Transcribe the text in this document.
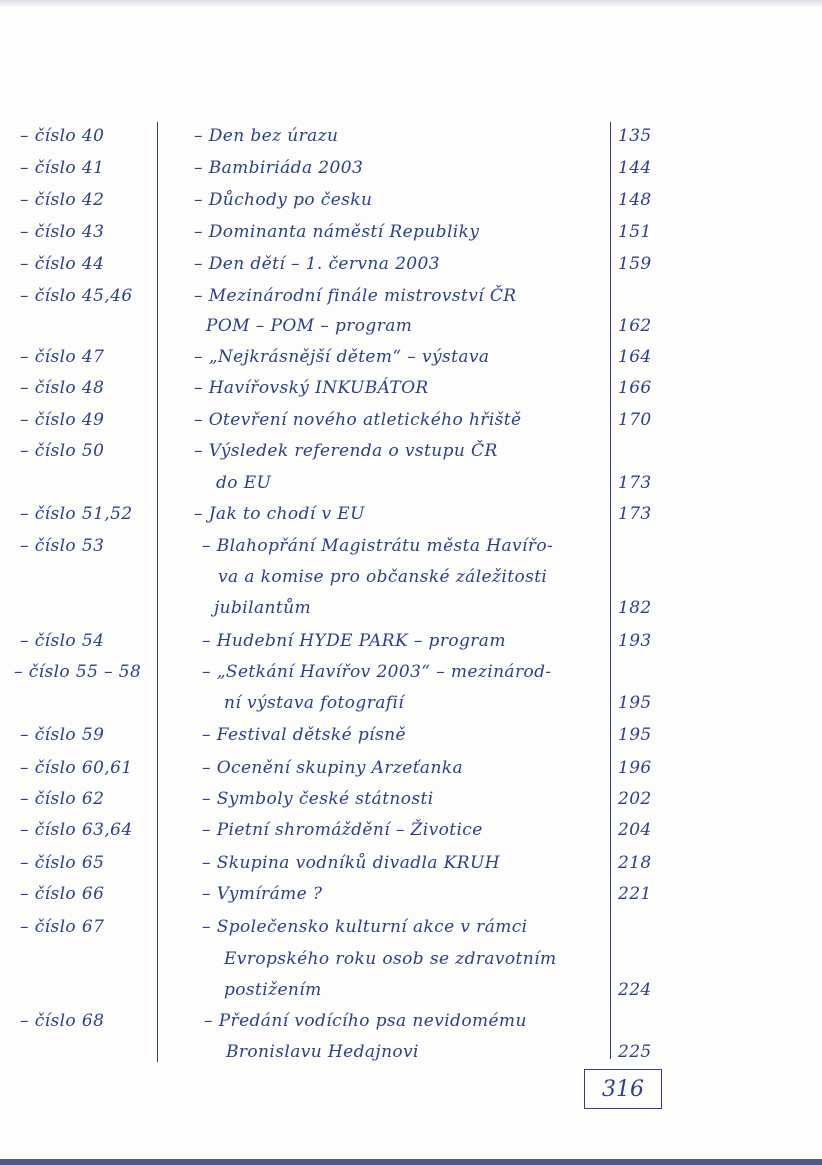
– číslo 40	– Den bez úrazu	135
– číslo 41	– Bambiriáda 2003	144
– číslo 42	– Důchody po česku	148
– číslo 43	– Dominanta náměstí Republiky	151
– číslo 44	– Den dětí – 1. června 2003	159
– číslo 45,46	– Mezinárodní finále mistrovství ČR
POM – POM – program	162
– číslo 47	– „Nejkrásnější dětem“ – výstava	164
– číslo 48	– Havířovský INKUBÁTOR	166
– číslo 49	– Otevření nového atletického hřiště	170
– číslo 50	– Výsledek referenda o vstupu ČR
do EU	173
– číslo 51,52	– Jak to chodí v EU	173
– číslo 53	– Blahopřání Magistrátu města Havířo-
va a komise pro občanské záležitosti
jubilantům	182
– číslo 54	– Hudební HYDE PARK – program	193
– číslo 55 – 58	– „Setkání Havířov 2003“ – mezinárod-
ní výstava fotografií	195
– číslo 59	– Festival dětské písně	195
– číslo 60,61	– Ocenění skupiny Arzeťanka	196
– číslo 62	– Symboly české státnosti	202
– číslo 63,64	– Pietní shromáždění – Životice	204
– číslo 65	– Skupina vodníků divadla KRUH	218
– číslo 66	– Vymíráme ?	221
– číslo 67	– Společensko kulturní akce v rámci
Evropského roku osob se zdravotním
postižením	224
– číslo 68	– Předání vodícího psa nevidomému
Bronislavu Hedajnovi	225
316
